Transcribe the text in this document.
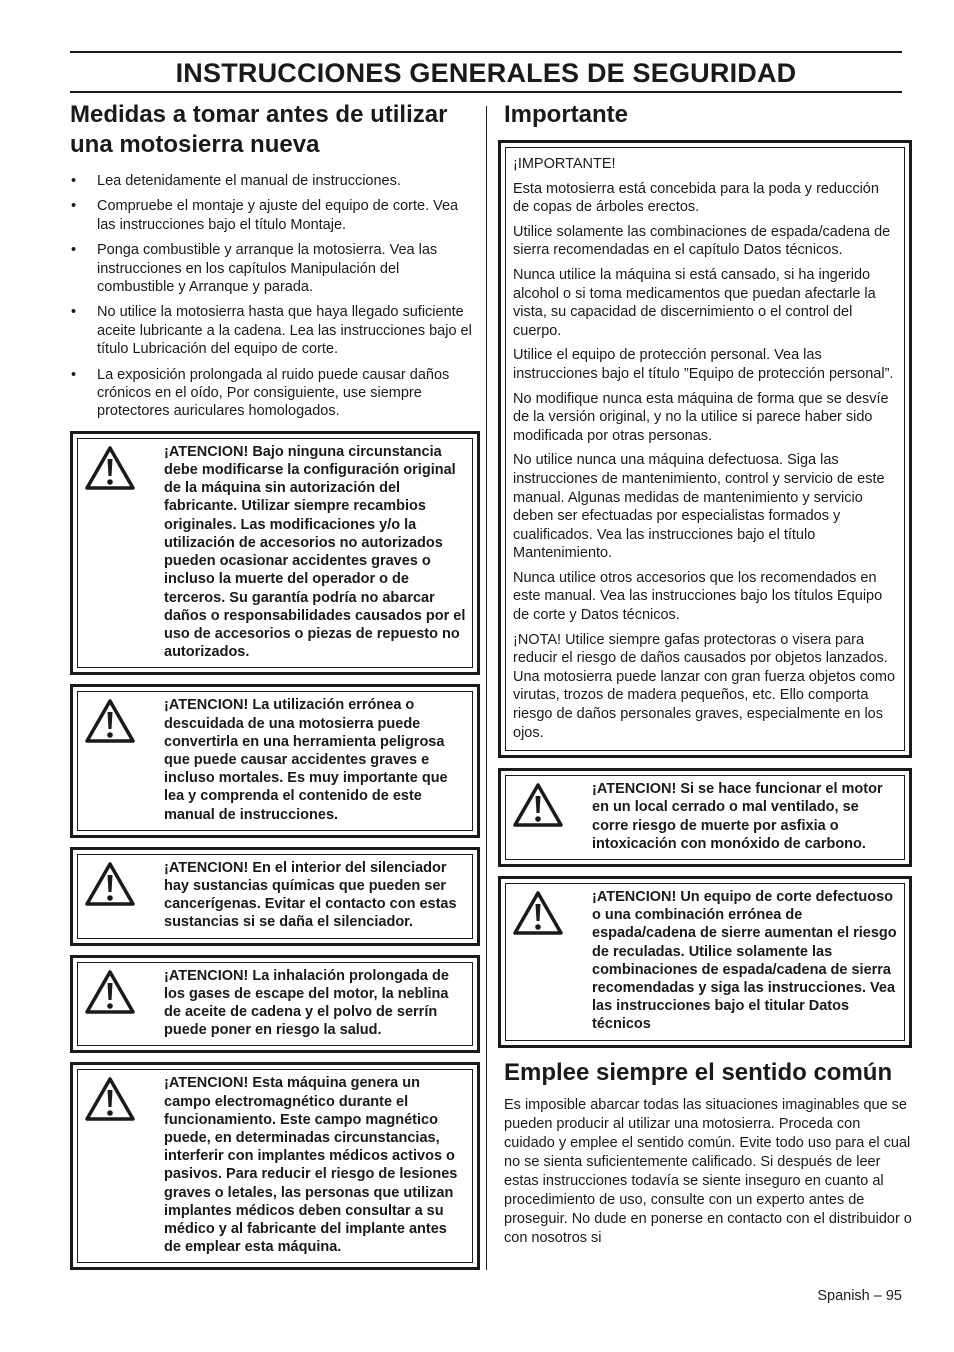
INSTRUCCIONES GENERALES DE SEGURIDAD
Medidas a tomar antes de utilizar una motosierra nueva
• Lea detenidamente el manual de instrucciones.
• Compruebe el montaje y ajuste del equipo de corte. Vea las instrucciones bajo el título Montaje.
• Ponga combustible y arranque la motosierra. Vea las instrucciones en los capítulos Manipulación del combustible y Arranque y parada.
• No utilice la motosierra hasta que haya llegado suficiente aceite lubricante a la cadena. Lea las instrucciones bajo el título Lubricación del equipo de corte.
• La exposición prolongada al ruido puede causar daños crónicos en el oído, Por consiguiente, use siempre protectores auriculares homologados.
¡ATENCION! Bajo ninguna circunstancia debe modificarse la configuración original de la máquina sin autorización del fabricante. Utilizar siempre recambios originales. Las modificaciones y/o la utilización de accesorios no autorizados pueden ocasionar accidentes graves o incluso la muerte del operador o de terceros. Su garantía podría no abarcar daños o responsabilidades causados por el uso de accesorios o piezas de repuesto no autorizados.
¡ATENCION! La utilización errónea o descuidada de una motosierra puede convertirla en una herramienta peligrosa que puede causar accidentes graves e incluso mortales. Es muy importante que lea y comprenda el contenido de este manual de instrucciones.
¡ATENCION! En el interior del silenciador hay sustancias químicas que pueden ser cancerígenas. Evitar el contacto con estas sustancias si se daña el silenciador.
¡ATENCION! La inhalación prolongada de los gases de escape del motor, la neblina de aceite de cadena y el polvo de serrín puede poner en riesgo la salud.
¡ATENCION! Esta máquina genera un campo electromagnético durante el funcionamiento. Este campo magnético puede, en determinadas circunstancias, interferir con implantes médicos activos o pasivos. Para reducir el riesgo de lesiones graves o letales, las personas que utilizan implantes médicos deben consultar a su médico y al fabricante del implante antes de emplear esta máquina.
Importante

¡IMPORTANTE!

Esta motosierra está concebida para la poda y reducción de copas de árboles erectos.

Utilice solamente las combinaciones de espada/cadena de sierra recomendadas en el capítulo Datos técnicos.

Nunca utilice la máquina si está cansado, si ha ingerido alcohol o si toma medicamentos que puedan afectarle la vista, su capacidad de discernimiento o el control del cuerpo.

Utilice el equipo de protección personal. Vea las instrucciones bajo el título ”Equipo de protección personal”.

No modifique nunca esta máquina de forma que se desvíe de la versión original, y no la utilice si parece haber sido modificada por otras personas.

No utilice nunca una máquina defectuosa. Siga las instrucciones de mantenimiento, control y servicio de este manual. Algunas medidas de mantenimiento y servicio deben ser efectuadas por especialistas formados y cualificados. Vea las instrucciones bajo el título Mantenimiento.

Nunca utilice otros accesorios que los recomendados en este manual. Vea las instrucciones bajo los títulos Equipo de corte y Datos técnicos.

¡NOTA! Utilice siempre gafas protectoras o visera para reducir el riesgo de daños causados por objetos lanzados. Una motosierra puede lanzar con gran fuerza objetos como virutas, trozos de madera pequeños, etc. Ello comporta riesgo de daños personales graves, especialmente en los ojos.

¡ATENCION! Si se hace funcionar el motor en un local cerrado o mal ventilado, se corre riesgo de muerte por asfixia o intoxicación con monóxido de carbono.
¡ATENCION! Un equipo de corte defectuoso o una combinación errónea de espada/cadena de sierre aumentan el riesgo de reculadas. Utilice solamente las combinaciones de espada/cadena de sierra recomendadas y siga las instrucciones. Vea las instrucciones bajo el titular Datos técnicos
Emplee siempre el sentido común
Es imposible abarcar todas las situaciones imaginables que se pueden producir al utilizar una motosierra. Proceda con cuidado y emplee el sentido común. Evite todo uso para el cual no se sienta suficientemente calificado. Si después de leer estas instrucciones todavía se siente inseguro en cuanto al procedimiento de uso, consulte con un experto antes de proseguir. No dude en ponerse en contacto con el distribuidor o con nosotros si
Spanish – 95
